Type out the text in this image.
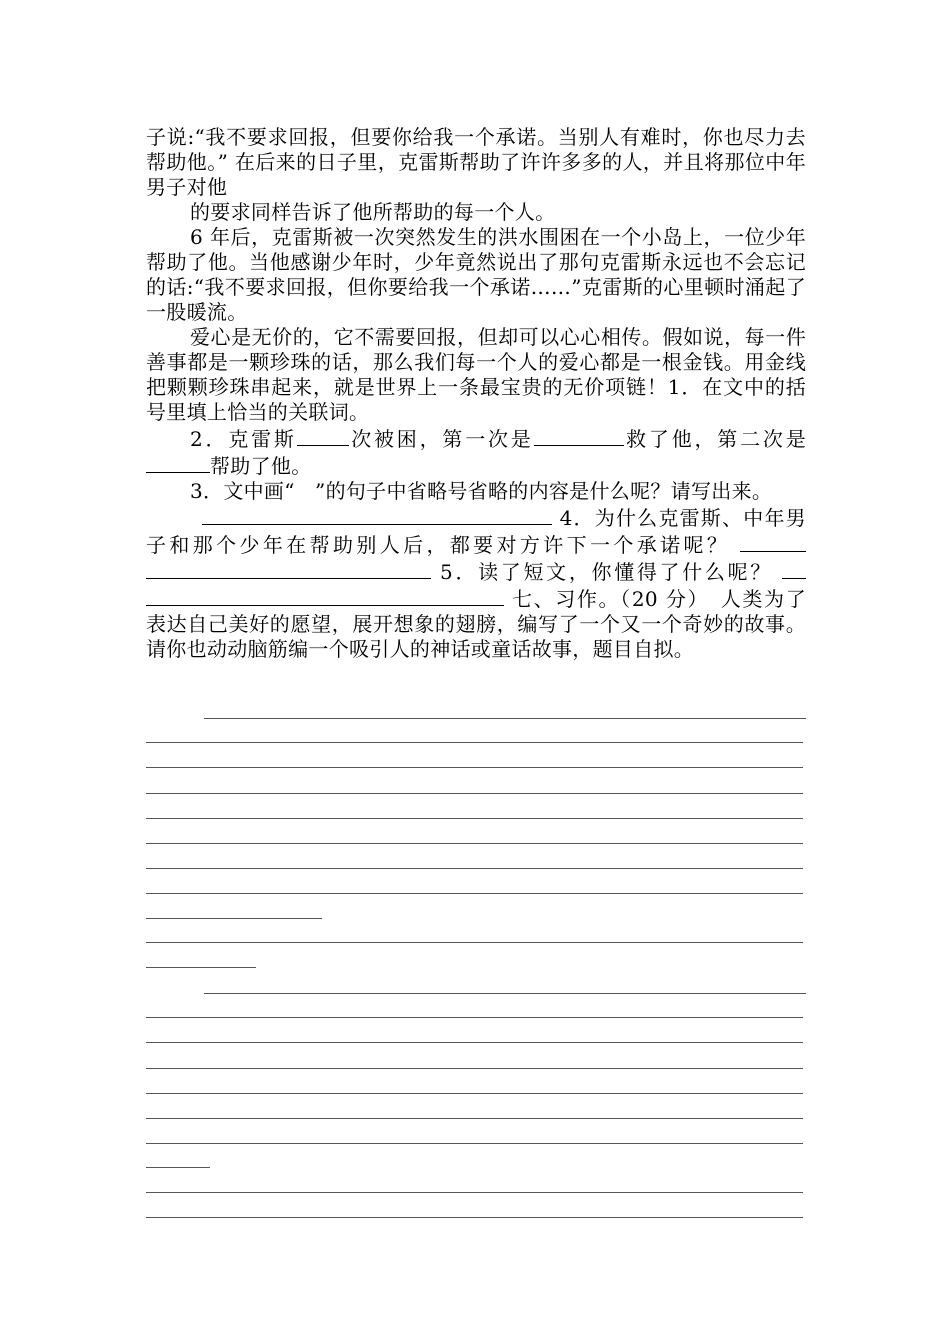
子说:“我不要求回报，但要你给我一个承诺。当别人有难时，你也尽力去帮助他。” 在后来的日子里，克雷斯帮助了许许多多的人，并且将那位中年男子对他

的要求同样告诉了他所帮助的每一个人。

6 年后，克雷斯被一次突然发生的洪水围困在一个小岛上，一位少年帮助了他。当他感谢少年时，少年竟然说出了那句克雷斯永远也不会忘记的话:“我不要求回报，但你要给我一个承诺……”克雷斯的心里顿时涌起了一股暖流。

爱心是无价的，它不需要回报，但却可以心心相传。假如说，每一件善事都是一颗珍珠的话，那么我们每一个人的爱心都是一根金钱。用金线把颗颗珍珠串起来，就是世界上一条最宝贵的无价项链！1．在文中的括号里填上恰当的关联词。

2．克雷斯	次被困，第一次是	救了他，第二次是帮助了他。

3．文中画“　”的句子中省略号省略的内容是什么呢？请写出来。

4．为什么克雷斯、中年男子和那个少年在帮助别人后，都要对方许下一个承诺呢？  5．读了短文，你懂得了什么呢？  七、习作。（20 分）　 人类为了表达自己美好的愿望，展开想象的翅膀，编写了一个又一个奇妙的故事。请你也动动脑筋编一个吸引人的神话或童话故事，题目自拟。
